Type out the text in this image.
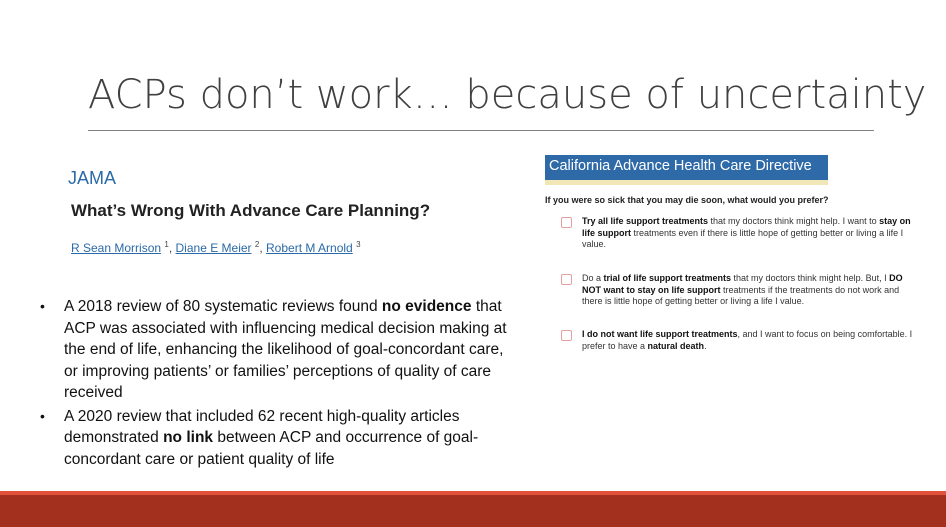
ACPs don’t work… because of uncertainty
JAMA
What’s Wrong With Advance Care Planning?
R Sean Morrison $^1$, Diane E Meier $^2$, Robert M Arnold $^3$
• A 2018 review of 80 systematic reviews found no evidence that ACP was associated with influencing medical decision making at the end of life, enhancing the likelihood of goal-concordant care, or improving patients’ or families’ perceptions of quality of care received
• A 2020 review that included 62 recent high-quality articles demonstrated no link between ACP and occurrence of goal-concordant care or patient quality of life
California Advance Health Care Directive
If you were so sick that you may die soon, what would you prefer?
Try all life support treatments that my doctors think might help. I want to stay on life support treatments even if there is little hope of getting better or living a life I value.
Do a trial of life support treatments that my doctors think might help. But, I DO NOT want to stay on life support treatments if the treatments do not work and there is little hope of getting better or living a life I value.
I do not want life support treatments, and I want to focus on being comfortable. I prefer to have a natural death.
